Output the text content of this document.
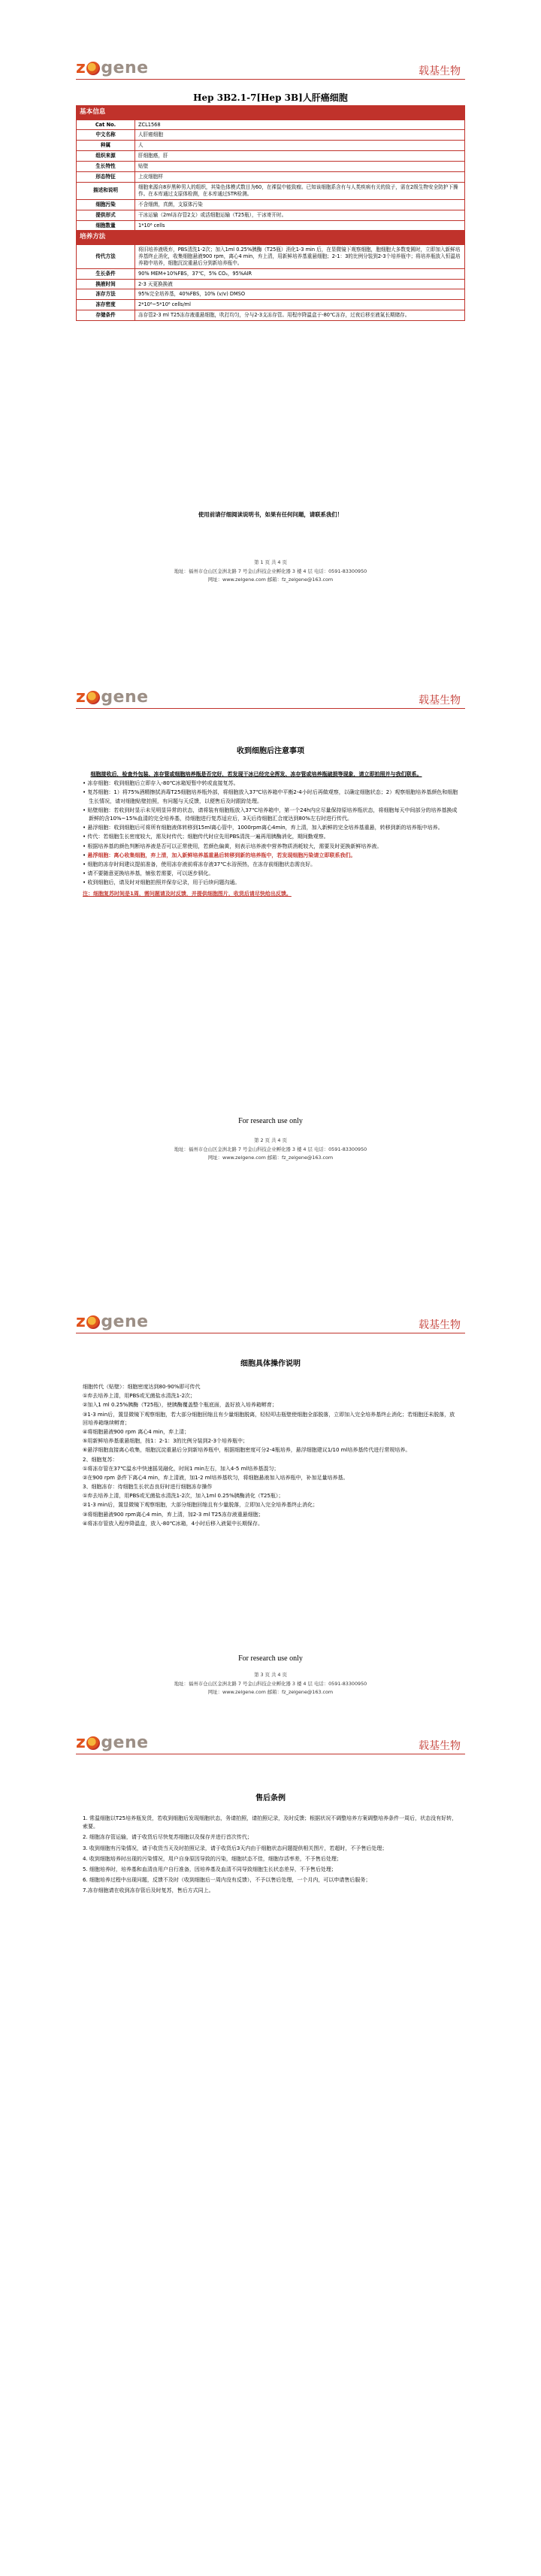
z gene	载基生物
Hep 3B2.1-7[Hep 3B]人肝癌细胞
基本信息	
Cat No.	ZCL1568
中文名称	人肝癌细胞
种属	人
组织来源	肝细胞癌，肝
生长特性	贴壁
形态特征	上皮细胞样
描述和说明	细胞来源自8岁黑种男人的组织，其染色体模式数目为60，在裸鼠中能致瘤。已知该细胞系含有与人类疾病有关的致子，需在2级生物安全防护下操作。在本库通过支原体检测，在本库通过STR检测。
细胞污染	不含细菌，真菌，支原体污染
提供形式	干冰运输（2ml冻存管2支）或活细胞运输（T25瓶），干冰寄开时。
细胞数量	1*10⁶ cells
培养方法	
传代方法	将旧培养液吸弃，PBS清洗1-2次；加入1ml 0.25%胰酶（T25瓶）消化1-3 min 后，在显微镜下观察细胞，胞细胞大多数变圆时，立即加入新鲜培养基终止消化，收集细胞悬液900 rpm，离心4 min，弃上清，用新鲜培养基重悬细胞；2-1：3的比例分装到2-3个培养瓶中；将培养瓶放入恒温培养箱中培养，细胞沉淀重悬后分到新培养瓶中。
生长条件	90% MEM+10%FBS，37℃，5% CO₂，95%AIR
换液时间	2-3 天更换换液
冻存方法	95%完全培养基，40%FBS，10% (v/v) DMSO
冻存密度	2*10⁶~5*10⁶ cells/ml
存储条件	冻存管2-3 ml T25冻存液重悬细胞，吹打均匀，分与2-3支冻存管。用程序降温盒于-80℃冻存，过夜后移至液氮长期储存。
使用前请仔细阅读说明书，如果有任何问题，请联系我们！
第 1 页 共 4 页
地址：福州市仓山区金洲北路 7 号金山科技企业孵化器 3 楼 4 层 电话：0591-83300950
网址：www.zelgene.com 邮箱：fz_zelgene@163.com
z gene	载基生物
收到细胞后注意事项

细胞接收后，检查外包装、冻存管或细胞培养瓶是否完好，若发现干冰已经完全挥发、冻存管或培养瓶破损等现象，请立即拍照并与我们联系。

• 冻存细胞：收到细胞后立即存入-80℃冰箱短暂中转或直接复苏。

• 复苏细胞：1）将75%酒精擦拭消毒T25细胞培养瓶外部，将细胞放入37℃培养箱中平衡2-4小时后再做观察，以确定细胞状态；2）观察细胞培养基颜色和细胞生长情况，请对细胞贴壁拍照，有问题与天反馈，以便售后及时跟踪处理。

• 贴壁细胞：若收到时显示未见明显异常的状态，请将装有细胞瓶放入37℃培养箱中，第一个24h内应尽量保持原培养瓶状态，将细胞每天中间部分的培养基换成新鲜的含10%~15%血清的完全培养基，待细胞进行复苏适应后，3天后待细胞汇合度达到80%左右时进行传代。

• 悬浮细胞：收到细胞后可将所有细胞液体转移到15ml离心管中，1000rpm离心4min，弃上清，加入新鲜的完全培养基重悬，转移到新的培养瓶中培养。

• 传代：若细胞生长密度较大，需及时传代；细胞传代时应先用PBS清洗一遍再用胰酶消化，期间勤观察。

• 根据培养基的颜色判断培养液是否可以正常使用，若颜色偏黄，则表示培养液中营养物质消耗较大，需要及时更换新鲜培养液。

• 悬浮细胞：离心收集细胞，弃上清，加入新鲜培养基重悬后转移到新的培养瓶中，若发现细胞污染请立即联系我们。

• 细胞的冻存时间建议提前准备，使用冻存液前将冻存液37℃水浴预热，在冻存前细胞状态需良好。

• 请不要随意更换培养基，铺张若需要，可以逐步驯化。

• 收到细胞后，请及时对细胞拍照并保存记录，用于后续问题沟通。

注：细胞复苏时间是1周，需问题请及时反馈，并提供细胞图片，收货后请尽快给出反馈。

For research use only
第 2 页 共 4 页
地址：福州市仓山区金洲北路 7 号金山科技企业孵化器 3 楼 4 层 电话：0591-83300950
网址：www.zelgene.com 邮箱：fz_zelgene@163.com
z gene	载基生物
细胞具体操作说明

细胞传代（贴壁）：细胞密度达到80-90%即可传代

①弃去培养上清，用PBS或无菌盐水清洗1-2次；

②加入1 ml 0.25%胰酶（T25瓶），使胰酶覆盖整个瓶底面，盖好放入培养箱孵育；

③1-3 min后，置显微镜下观察细胞，若大部分细胞回缩且有少量细胞脱离，轻轻叩击瓶壁使细胞全部脱落，立即加入完全培养基终止消化；若细胞还未脱落，放回培养箱继续孵育；

④将细胞悬液900 rpm 离心4 min，弃上清；

⑤用新鲜培养基重悬细胞，按1：2-1：3的比例分装到2-3个培养瓶中；

⑥悬浮细胞直接离心收集，细胞沉淀重悬后分到新培养瓶中，根据细胞密度可分2-4瓶培养，悬浮细胞建议1/10 ml培养基传代进行常规培养。

2、细胞复苏：

①将冻存管在37℃温水中快速摇晃融化，时间1 min左右，加入4-5 ml培养基混匀；

②在900 rpm 条件下离心4 min，弃上清液，加1-2 ml培养基吹匀，将细胞悬液加入培养瓶中，补加足量培养基。

3、细胞冻存：待细胞生长状态良好时进行细胞冻存操作

①弃去培养上清，用PBS或无菌盐水清洗1-2次，加入1ml 0.25%胰酶消化（T25瓶）；

②1-3 min后，置显微镜下观察细胞，大部分细胞回缩且有少量脱落，立即加入完全培养基终止消化；

③将细胞悬液900 rpm离心4 min，弃上清，加2-3 ml T25冻存液重悬细胞；

④将冻存管放入程序降温盒，放入-80℃冰箱，4小时后移入液氮中长期保存。

For research use only
第 3 页 共 4 页
地址：福州市仓山区金洲北路 7 号金山科技企业孵化器 3 楼 4 层 电话：0591-83300950
网址：www.zelgene.com 邮箱：fz_zelgene@163.com
z gene	载基生物
售后条例

1. 常温细胞以T25培养瓶发货，若收到细胞后发现细胞状态，务请拍照，请拍照记录，及时反馈；根据状况不调整培养方案调整培养条件一周后，状态没有好转，索要。

2. 细胞冻存管运输，请于收货后尽快复苏细胞以及保存并进行首次传代；

3. 收到细胞有污染情况，请于收货当天及时拍照记录，请于收货后3天内由于细胞状态问题提供相关图片，若超时，不予售后处理；

4. 收到细胞培养时出现的污染情况，用户自身原因导致的污染，细胞状态不佳，细胞存活率差，不予售后处理；

5. 细胞培养时，培养基和血清由用户自行准备，因培养基及血清不同导致细胞生长状态差异，不予售后处理；

6. 细胞培养过程中出现问题，反馈不及时（收到细胞后一周内没有反馈），不予以售后处理，一个月内，可以申请售后服务；

7.冻存细胞请在收到冻存管后及时复苏，售后方式同上。
